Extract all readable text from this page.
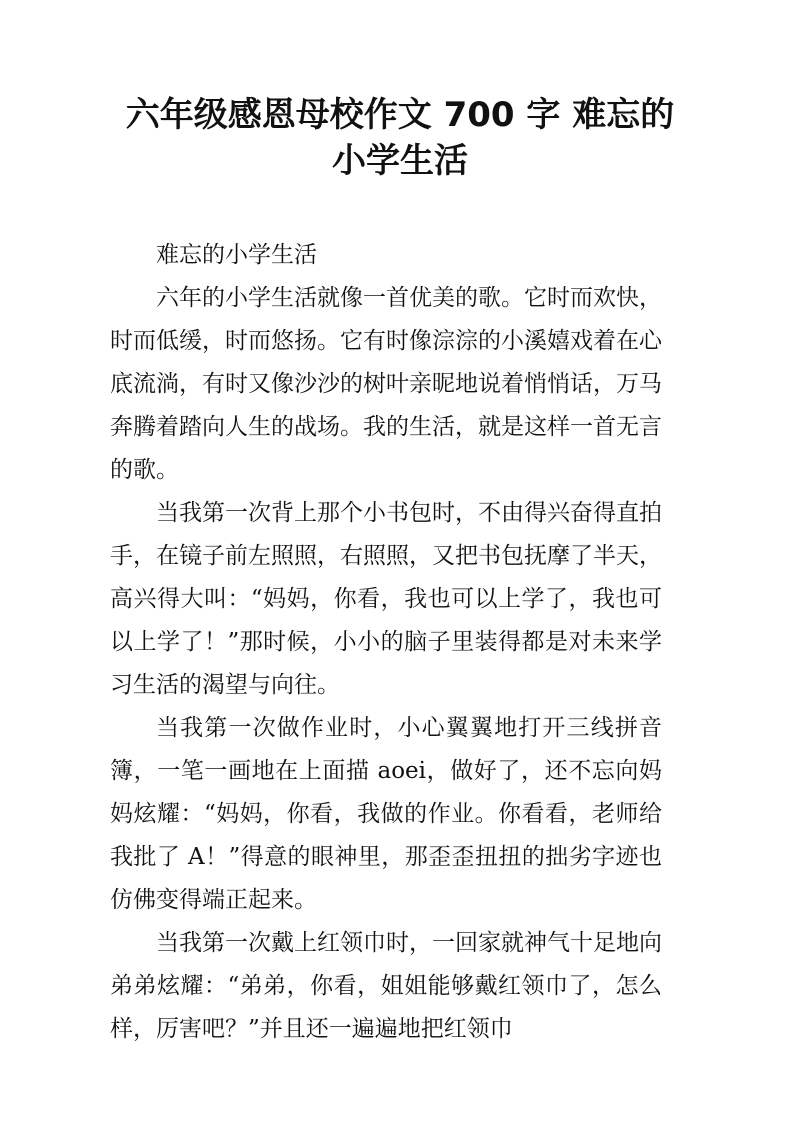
六年级感恩母校作文 700 字 难忘的小学生活

难忘的小学生活

六年的小学生活就像一首优美的歌。它时而欢快，时而低缓，时而悠扬。它有时像淙淙的小溪嬉戏着在心底流淌，有时又像沙沙的树叶亲昵地说着悄悄话，万马奔腾着踏向人生的战场。我的生活，就是这样一首无言的歌。

当我第一次背上那个小书包时，不由得兴奋得直拍手，在镜子前左照照，右照照，又把书包抚摩了半天，高兴得大叫：“妈妈，你看，我也可以上学了，我也可以上学了！”那时候，小小的脑子里装得都是对未来学习生活的渴望与向往。

当我第一次做作业时，小心翼翼地打开三线拼音簿，一笔一画地在上面描 aoei，做好了，还不忘向妈妈炫耀：“妈妈，你看，我做的作业。你看看，老师给我批了 A！”得意的眼神里，那歪歪扭扭的拙劣字迹也仿佛变得端正起来。

当我第一次戴上红领巾时，一回家就神气十足地向弟弟炫耀：“弟弟，你看，姐姐能够戴红领巾了，怎么样，厉害吧？”并且还一遍遍地把红领巾
